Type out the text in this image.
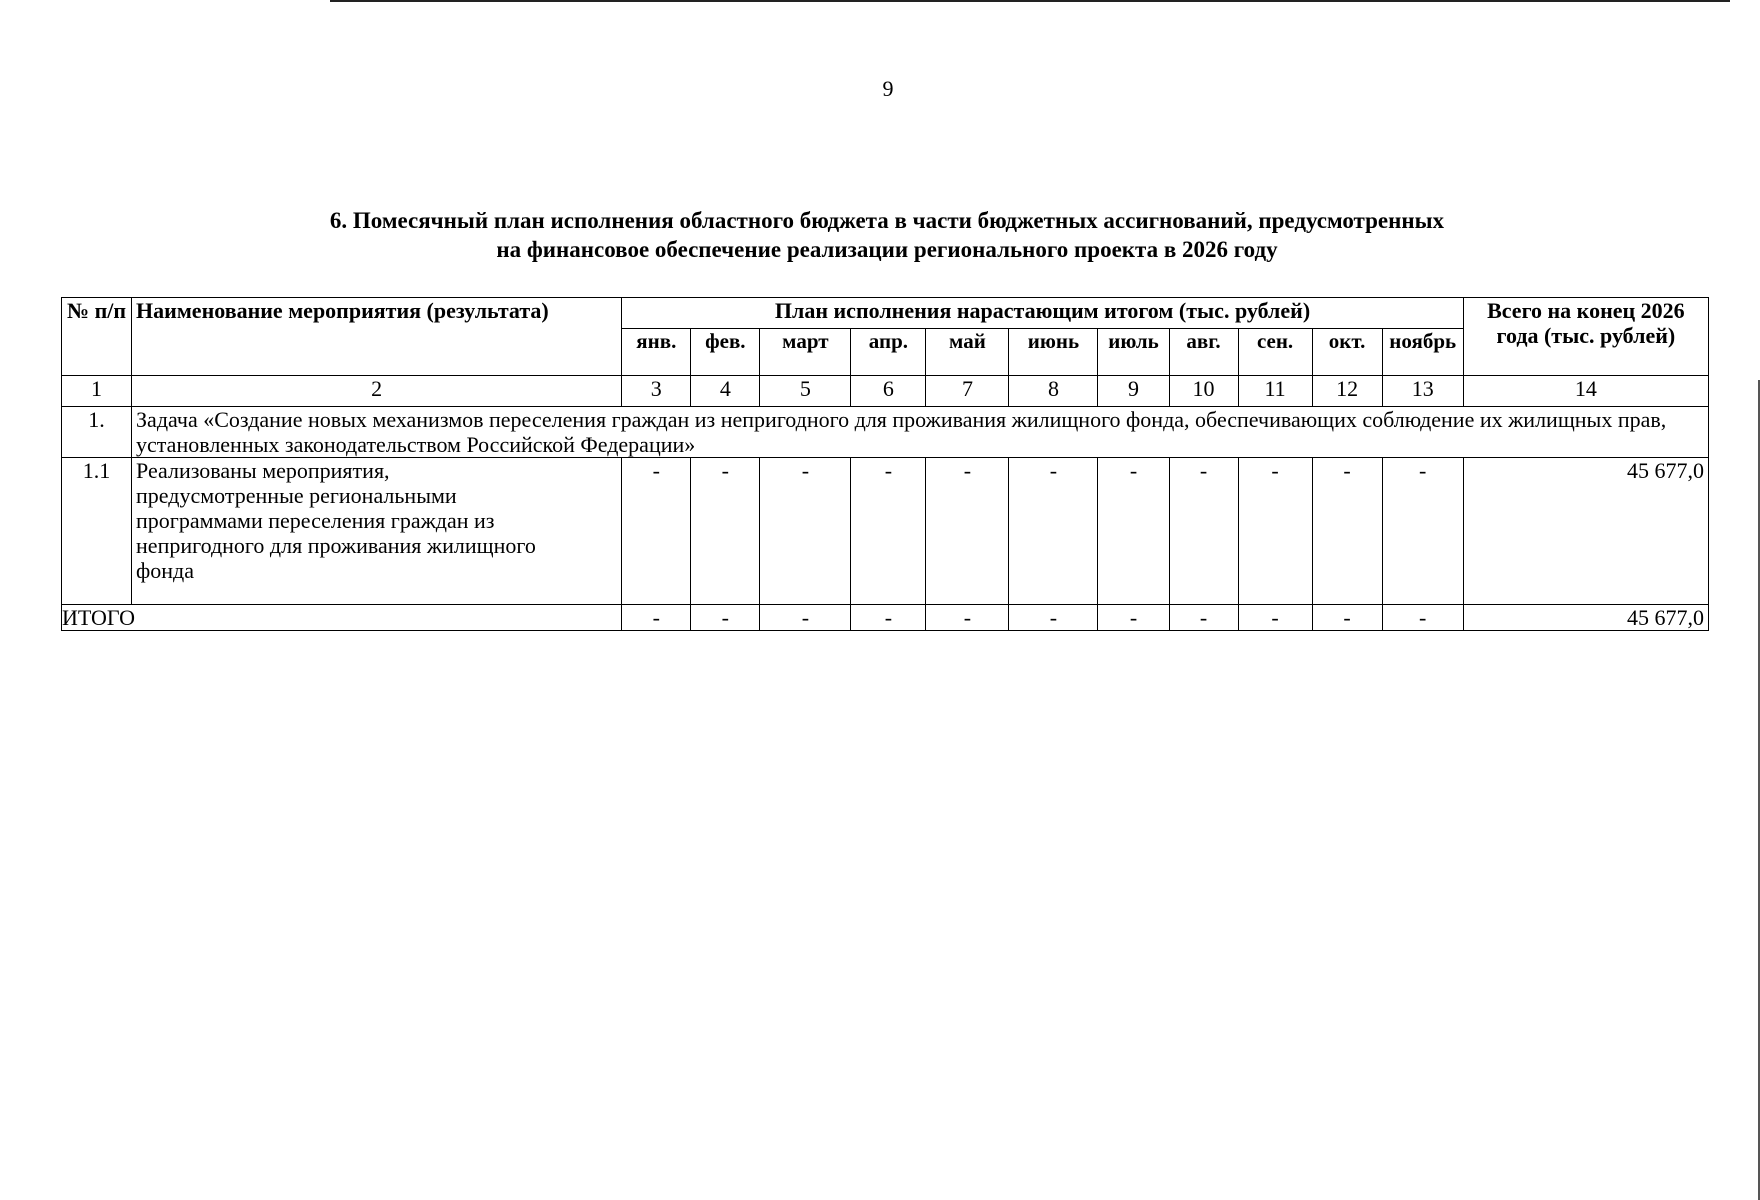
9
6. Помесячный план исполнения областного бюджета в части бюджетных ассигнований, предусмотренных
на финансовое обеспечение реализации регионального проекта в 2026 году
№ п/п	Наименование мероприятия (результата)	План исполнения нарастающим итогом (тыс. рублей)											Всего на конец 2026 года (тыс. рублей)
		янв.	фев.	март	апр.	май	июнь	июль	авг.	сен.	окт.	ноябрь	
1	2	3	4	5	6	7	8	9	10	11	12	13	14
1.	Задача «Создание новых механизмов переселения граждан из непригодного для проживания жилищного фонда, обеспечивающих соблюдение их жилищных прав, установленных законодательством Российской Федерации»												
1.1	Реализованы мероприятия, предусмотренные региональными программами переселения граждан из непригодного для проживания жилищного фонда	-	-	-	-	-	-	-	-	-	-	-	45 677,0
ИТОГО		-	-	-	-	-	-	-	-	-	-	-	45 677,0
